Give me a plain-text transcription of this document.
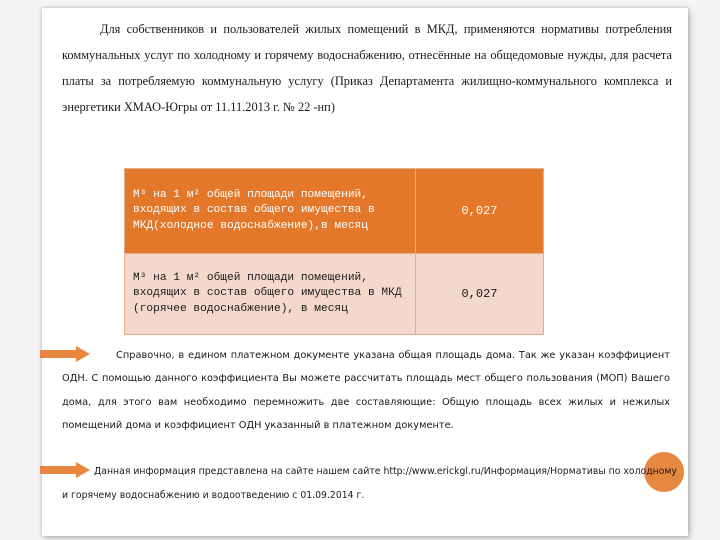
Для собственников и пользователей жилых помещений в МКД, применяются нормативы потребления коммунальных услуг по холодному и горячему водоснабжению, отнесённые на общедомовые нужды, для расчета платы за потребляемую коммунальную услугу (Приказ Департамента жилищно-коммунального комплекса и энергетики ХМАО-Югры от 11.11.2013 г. № 22 -нп)

М³ на 1 м² общей площади помещений, входящих в состав общего имущества в МКД(холодное водоснабжение),в месяц	0,027
М³ на 1 м² общей площади помещений, входящих в состав общего имущества в МКД (горячее водоснабжение), в месяц	0,027

Справочно, в едином платежном документе указана общая площадь дома. Так же указан коэффициент ОДН. С помощью данного коэффициента Вы можете рассчитать площадь мест общего пользования (МОП) Вашего дома, для этого вам необходимо перемножить две составляющие: Общую площадь всех жилых и нежилых помещений дома и коэффициент ОДН указанный в платежном документе.

Данная информация представлена на сайте нашем сайте http://www.erickgl.ru/Информация/Нормативы по холодному и горячему водоснабжению и водоотведению с 01.09.2014 г.
